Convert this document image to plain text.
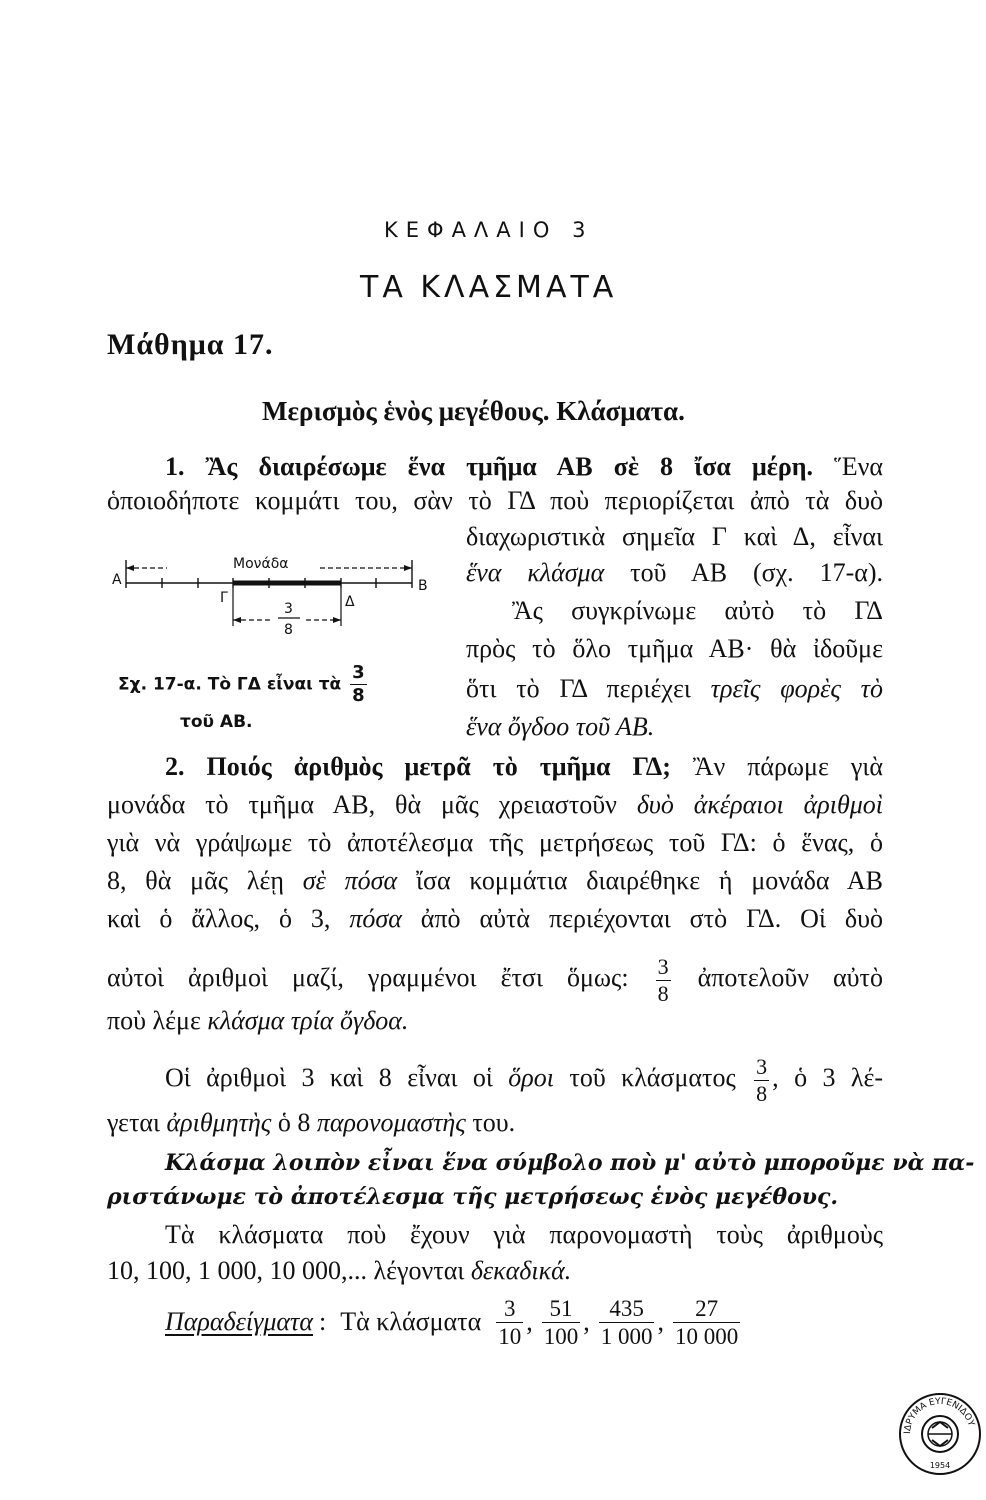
ΚΕΦΑΛΑΙΟ 3
ΤΑ ΚΛΑΣΜΑΤΑ
Μάθημα 17.
Μερισμὸς ἑνὸς μεγέθους. Κλάσματα.
1. Ἂς διαιρέσωμε ἕνα τμῆμα ΑΒ σὲ 8 ἴσα μέρη. Ἕνα
ὁποιοδήποτε κομμάτι του, σὰν τὸ ΓΔ ποὺ περιορίζεται ἀπὸ τὰ δυὸ
διαχωριστικὰ σημεῖα Γ καὶ Δ, εἶναι
ἕνα κλάσμα τοῦ ΑΒ (σχ. 17-α).
Ἂς συγκρίνωμε αὐτὸ τὸ ΓΔ
πρὸς τὸ ὅλο τμῆμα ΑΒ· θὰ ἰδοῦμε
ὅτι τὸ ΓΔ περιέχει τρεῖς φορὲς τὸ
ἕνα ὄγδοο τοῦ ΑΒ.
Α	Β
Γ	Δ
Μονάδα
3
8
Σχ. 17-α. Τὸ ΓΔ εἶναι τὰ $\frac{3}{8}$
τοῦ ΑΒ.
2. Ποιός ἀριθμὸς μετρᾶ τὸ τμῆμα ΓΔ; Ἂν πάρωμε γιὰ
μονάδα τὸ τμῆμα ΑΒ, θὰ μᾶς χρειαστοῦν δυὸ ἀκέραιοι ἀριθμοὶ
γιὰ νὰ γράψωμε τὸ ἀποτέλεσμα τῆς μετρήσεως τοῦ ΓΔ: ὁ ἕνας, ὁ
8, θὰ μᾶς λέῃ σὲ πόσα ἴσα κομμάτια διαιρέθηκε ἡ μονάδα ΑΒ
καὶ ὁ ἄλλος, ὁ 3, πόσα ἀπὸ αὐτὰ περιέχονται στὸ ΓΔ. Οἱ δυὸ
αὐτοὶ ἀριθμοὶ μαζί, γραμμένοι ἔτσι ὅμως: $\frac{3}{8}$ ἀποτελοῦν αὐτὸ
ποὺ λέμε κλάσμα τρία ὄγδοα.
Οἱ ἀριθμοὶ 3 καὶ 8 εἶναι οἱ ὅροι τοῦ κλάσματος $\frac{3}{8}$ , ὁ 3 λέ-
γεται ἀριθμητὴς ὁ 8 παρονομαστὴς του.
Κλάσμα λοιπὸν εἶναι ἕνα σύμβολο ποὺ μ' αὐτὸ μποροῦμε νὰ πα-
ριστάνωμε τὸ ἀποτέλεσμα τῆς μετρήσεως ἑνὸς μεγέθους.
Τὰ κλάσματα ποὺ ἔχουν γιὰ παρονομαστὴ τοὺς ἀριθμοὺς
10, 100, 1 000, 10 000,... λέγονται δεκαδικά.
Παραδείγματα : Τὰ κλάσματα $\frac{3}{10}$ , $\frac{51}{100}$ , $\frac{435}{1 000}$ , $\frac{27}{10 000}$
ΙΔΡΥΜΑ ΕΥΓΕΝΙΔΟΥ
1954
